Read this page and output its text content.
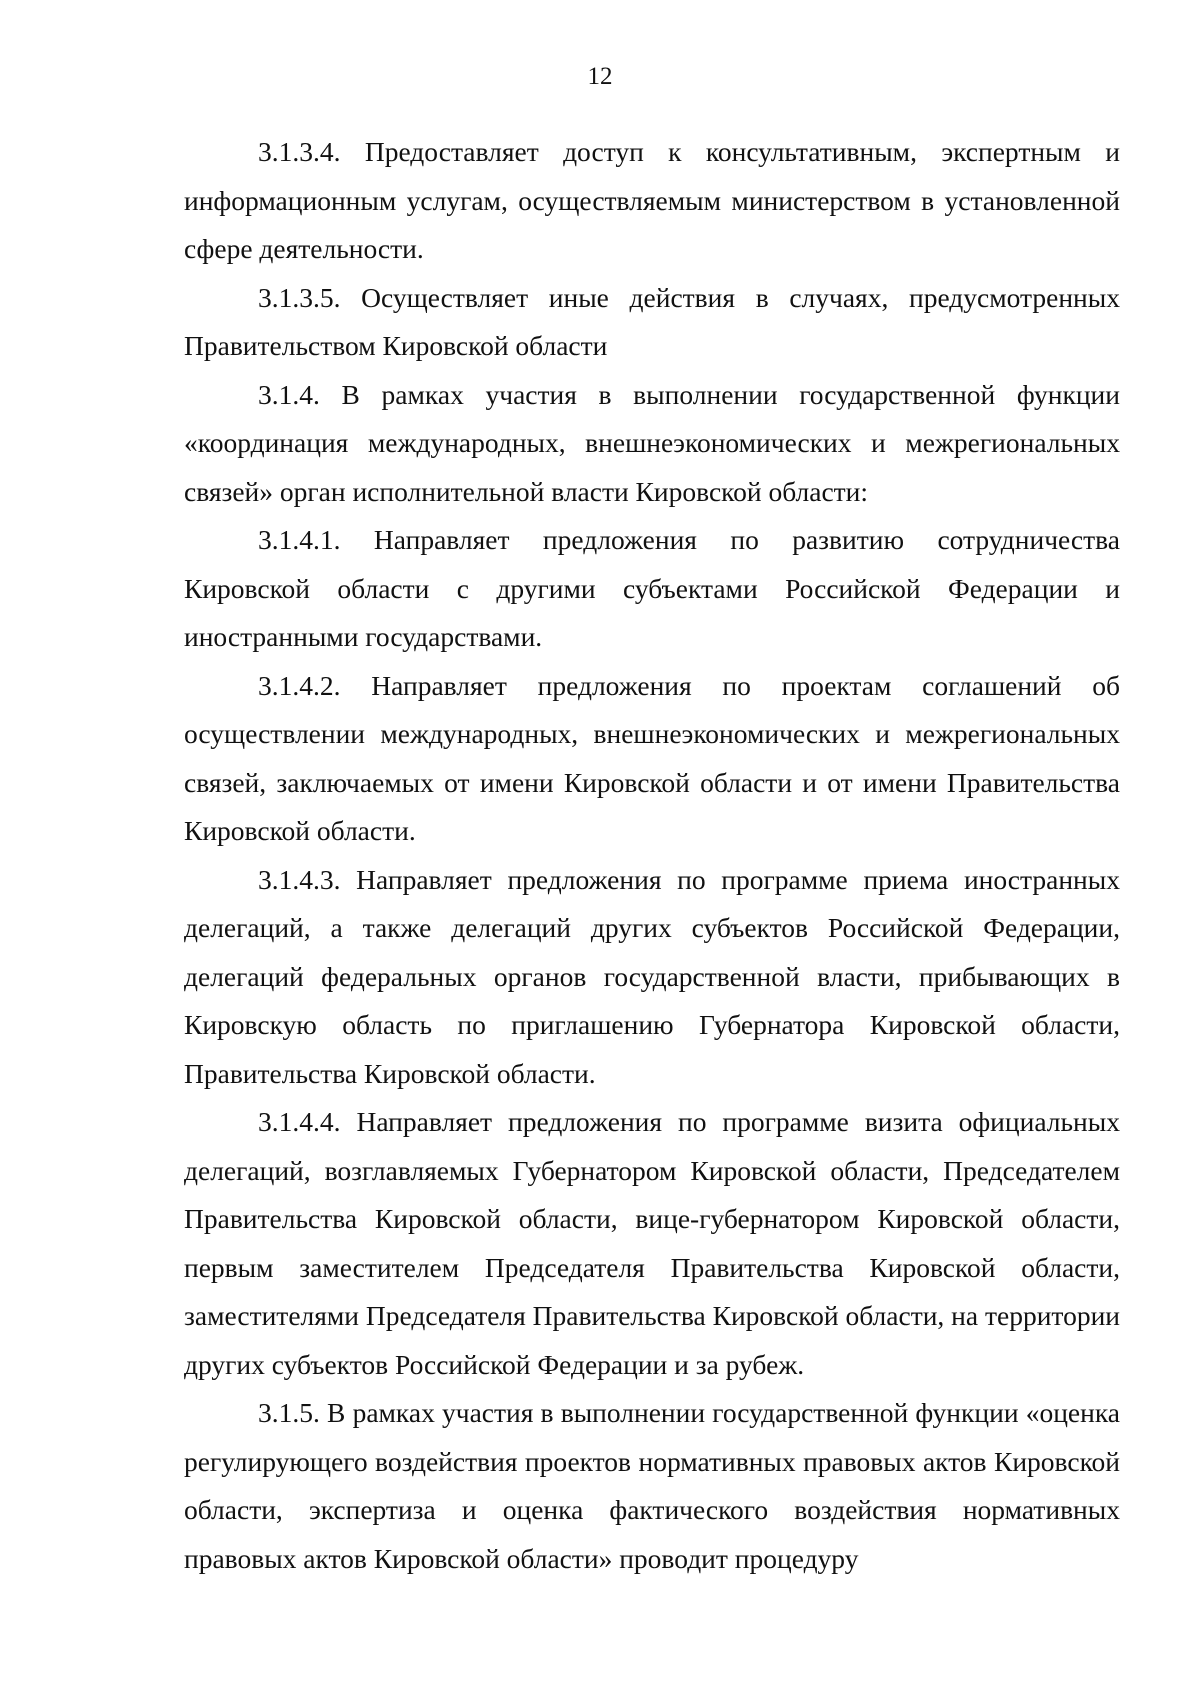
12

3.1.3.4. Предоставляет доступ к консультативным, экспертным и информационным услугам, осуществляемым министерством в установленной сфере деятельности.

3.1.3.5. Осуществляет иные действия в случаях, предусмотренных Правительством Кировской области

3.1.4. В рамках участия в выполнении государственной функции «координация международных, внешнеэкономических и межрегиональных связей» орган исполнительной власти Кировской области:

3.1.4.1. Направляет предложения по развитию сотрудничества Кировской области с другими субъектами Российской Федерации и иностранными государствами.

3.1.4.2. Направляет предложения по проектам соглашений об осуществлении международных, внешнеэкономических и межрегиональных связей, заключаемых от имени Кировской области и от имени Правительства Кировской области.

3.1.4.3. Направляет предложения по программе приема иностранных делегаций, а также делегаций других субъектов Российской Федерации, делегаций федеральных органов государственной власти, прибывающих в Кировскую область по приглашению Губернатора Кировской области, Правительства Кировской области.

3.1.4.4. Направляет предложения по программе визита официальных делегаций, возглавляемых Губернатором Кировской области, Председателем Правительства Кировской области, вице-губернатором Кировской области, первым заместителем Председателя Правительства Кировской области, заместителями Председателя Правительства Кировской области, на территории других субъектов Российской Федерации и за рубеж.

3.1.5. В рамках участия в выполнении государственной функции «оценка регулирующего воздействия проектов нормативных правовых актов Кировской области, экспертиза и оценка фактического воздействия нормативных правовых актов Кировской области» проводит процедуру
